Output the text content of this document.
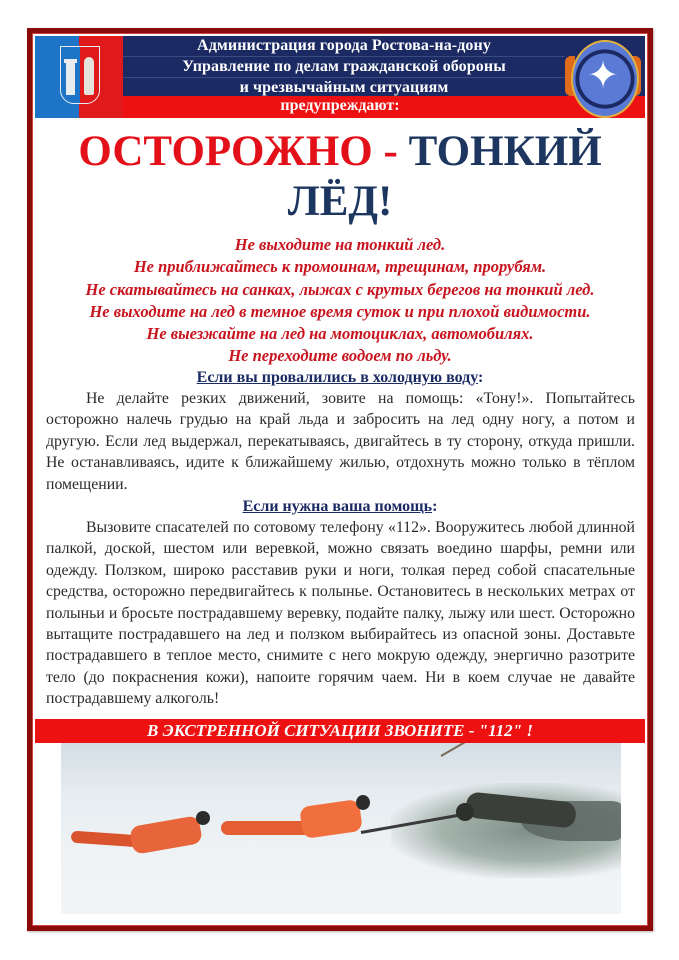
Администрация города Ростова-на-дону
Управление по делам гражданской обороны
и чрезвычайным ситуациям
предупреждают:
✦
ОСТОРОЖНО - ТОНКИЙ
ЛЁД!
Не выходите на тонкий лед.
Не приближайтесь к промоинам, трещинам, прорубям.
Не скатывайтесь на санках, лыжах с крутых берегов на тонкий лед.
Не выходите на лед в темное время суток и при плохой видимости.
Не выезжайте на лед на мотоциклах, автомобилях.
Не переходите водоем по льду.
Если вы провалились в холодную воду:
Не делайте резких движений, зовите на помощь: «Тону!». Попытайтесь осторожно налечь грудью на край льда и забросить на лед одну ногу, а потом и другую. Если лед выдержал, перекатываясь, двигайтесь в ту сторону, откуда пришли. Не останавливаясь, идите к ближайшему жилью, отдохнуть можно только в тёплом помещении.
Если нужна ваша помощь:
Вызовите спасателей по сотовому телефону «112». Вооружитесь любой длинной палкой, доской, шестом или веревкой, можно связать воедино шарфы, ремни или одежду. Ползком, широко расставив руки и ноги, толкая перед собой спасательные средства, осторожно передвигайтесь к полынье. Остановитесь в нескольких метрах от полыньи и бросьте пострадавшему веревку, подайте палку, лыжу или шест. Осторожно вытащите пострадавшего на лед и ползком выбирайтесь из опасной зоны. Доставьте пострадавшего в теплое место, снимите с него мокрую одежду, энергично разотрите тело (до покраснения кожи), напоите горячим чаем. Ни в коем случае не давайте пострадавшему алкоголь!
В ЭКСТРЕННОЙ СИТУАЦИИ ЗВОНИТЕ - "112" !
